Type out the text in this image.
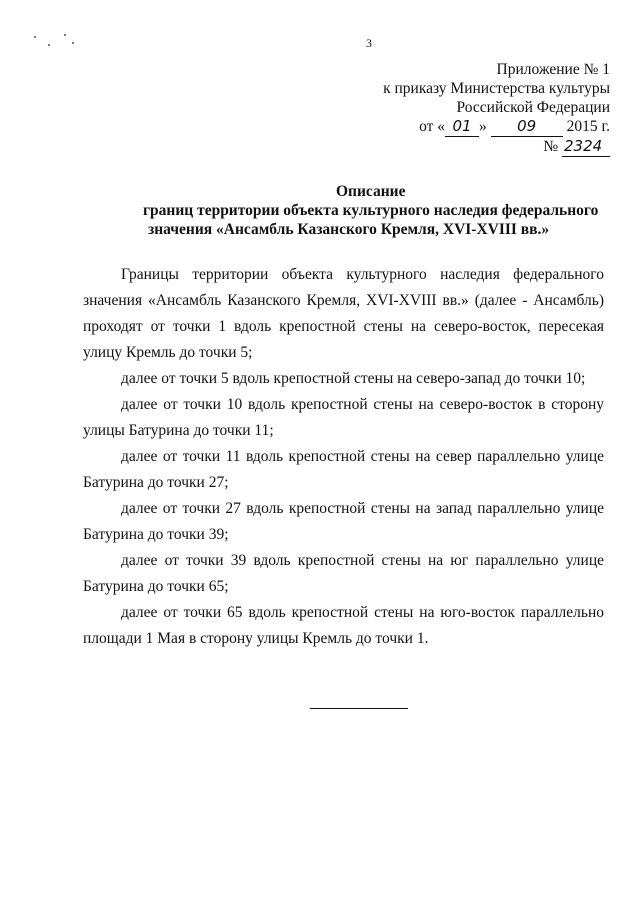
3
Приложение № 1
к приказу Министерства культуры
Российской Федерации
от « 01 » 09 2015 г.
№ 2324
Описание
границ территории объекта культурного наследия федерального
значения «Ансамбль Казанского Кремля, XVI-XVIII вв.»

Границы территории объекта культурного наследия федерального значения «Ансамбль Казанского Кремля, XVI-XVIII вв.» (далее - Ансамбль) проходят от точки 1 вдоль крепостной стены на северо-восток, пересекая улицу Кремль до точки 5;

далее от точки 5 вдоль крепостной стены на северо-запад до точки 10;

далее от точки 10 вдоль крепостной стены на северо-восток в сторону улицы Батурина до точки 11;

далее от точки 11 вдоль крепостной стены на север параллельно улице Батурина до точки 27;

далее от точки 27 вдоль крепостной стены на запад параллельно улице Батурина до точки 39;

далее от точки 39 вдоль крепостной стены на юг параллельно улице Батурина до точки 65;

далее от точки 65 вдоль крепостной стены на юго-восток параллельно площади 1 Мая в сторону улицы Кремль до точки 1.
